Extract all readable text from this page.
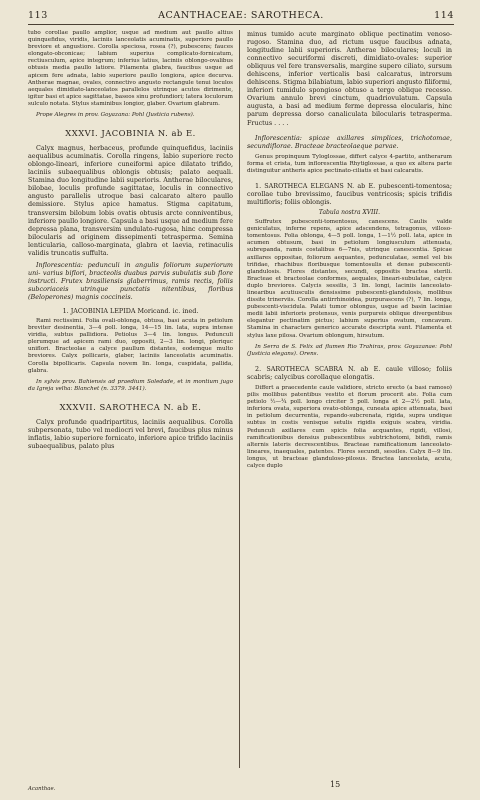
113	ACANTHACEAE: SAROTHECA.	114

tubo corollae paullo amplior, usque ad medium aut paullo altius quinquefidus, viridis, laciniis lanceolatis acuminatis, superiore paullo breviore et angustiore. Corolla speciosa, rosea (?), pubescens; fauces elongato-obconicae; labium superius complicato-fornicatum, rectiusculum, apice integrum; inferius latius, laciniis oblongo-ovalibus obtusis media paullo latiore. Filamenta glabra, faucibus usque ad apicem fere adnata, labio superiore paullo longiora, apice decurva. Antherae magnae, ovales, connectivo angusto rectangule tenui loculos aequales dimidiato-lanceolatos parallelos utrinque acutos dirimente, igitur basi et apice sagittatae, baseos sinu profundiori; latera loculorum sulculo notata. Stylus staminibus longior, glaber. Ovarium glabrum.

Prope Alegres in prov. Goyazana: Pohl (Justicia rubens).

XXXVI. JACOBINIA N. ab E.

Calyx magnus, herbaceus, profunde quinquefidus, laciniis aequalibus acuminatis. Corolla ringens, labio superiore recto oblongo-lineari, inferiore cuneiformi apice dilatato trifido, laciniis subaequalibus oblongis obtusis; palato aequali. Stamina duo longitudine labii superioris. Antherae biloculares, bilobae, loculis profunde sagittatae, loculis in connectivo angusto parallelis utroque basi calcarato altero paullo demissiore. Stylus apice hamatus. Stigma capitatum, transversim bilobum lobis ovatis obtusis arcte conniventibus, inferiore paullo longiore. Capsula a basi usque ad medium fere depressa plana, transversim undulato-rugosa, hinc compressa bilocularis ad originem dissepimenti tetrasperma. Semina lenticularia, calloso-marginata, glabra et laevia, retinaculis validis truncatis suffulta.

Inflorescentia: pedunculi in angulis foliorum superiorum uni- varius biflori, bracteolis duabus parvis subulatis sub flore instructi. Frutex brasiliensis glaberrimus, ramis rectis, foliis subcoriaceis utrinque punctatis nitentibus, floribus (Beloperones) magnis coccineis.

1. JACOBINIA LEPIDA Moricand. ic. ined.

Rami rectissimi. Folia ovali-oblonga, obtusa, basi acuta in petiolum breviter desinentia, 3—4 poll. longa, 14—15 lin. lata, supra intense viridia, subtus pallidiora. Petiolus 3—4 lin. longus. Pedunculi plerumque ad apicem rami duo, oppositi, 2—3 lin. longi, pleriquc uniflori. Bracteolae a calyce paullum distantes, eodemque multo breviores. Calyx pollicaris, glaber, laciniis lanceolatis acuminatis. Corolla bipollicaris. Capsula novem lin. longa, cuspidata, pallida, glabra.

In sylvis prov. Bahiensis ad praedium Soledade, et in montium jugo da Igreja velha: Blanchet (n. 3379. 3441).

XXXVII. SAROTHECA N. ab E.

Calyx profunde quadripartitus, laciniis aequalibus. Corolla subpersonata, tubo vel mediocri vel brevi, faucibus plus minus inflatis, labio superiore fornicato, inferiore apice trifido laciniis subaequalibus, palato plus

minus tumido acute marginato oblique pectinatim venoso-rugoso. Stamina duo, ad rictum usque faucibus adnata, longitudine labii superioris. Antherae biloculares; loculi in connectivo securiformi discreti, dimidiato-ovales: superior obliquus vel fere transversalis, margine supero ciliato, sursum dehiscens, inferior verticalis basi calcaratus, introrsum dehiscens. Stigma bilabiatum, labio superiori angusto filiformi, inferiori tumidulo spongioso obtuso a tergo oblique recesso. Ovarium annulo brevi cinctum, quadriovulatum. Capsula augusta, a basi ad medium ferme depressa elocularis, hinc parum depressa dorso canaliculata bilocularis tetrasperma. Fructus . . . .

Inflorescentia: spicae axillares simplices, trichotomae, secundiflorae. Bracteae bracteolaeque parvae.

Genus propinquum Tyloglossae, differt calyce 4-partito, antherarum forma et crista, tum inflorescentia Rhytiglossae, a quo ex altera parte distinguitur antheris apice pectinato-ciliatis et basi calcaratis.

1. SAROTHECA ELEGANS N. ab E. pubescenti-tomentosa; corollae tubo brevissimo, faucibus ventricosis; spicis trifidis multifloris; foliis oblongis.

Tabula nostra XVIII.

Suffrutex pubescenti-tomentosus, canescens. Caulis valde geniculatus, inferne repens, apice adscendens, tetragonus, villoso-tomentosus. Folia oblonga, 4—5 poll. longa, 1—1½ poll. lata, apice in acumen obtusum, basi in petiolum longiusculum attenuata, subrepanda, ramis costalibus 6—7nis, utrinque canescentia. Spicae axillares oppositae, foliorum aequantes, pedunculatae, semel vel bis trifidae, rhachibus floribusque tomentosulis et dense pubescenti-glandulosis. Flores distantes, secundi, oppositis bractea sterili. Bracteae et bracteolae conformes, aequales, lineari-subulatae, calyce duplo breviores. Calycis sessilis, 3 lin. longi, laciniis lanceolato-linearibus acutiusculis densissime pubescenti-glandulosis, mollibus dissite trinerviis. Corolla antirrhinoidea, purpurascens (?), 7 lin. longa, pubescenti-viscidula. Palati tumor oblongus, usque ad basin laciniae medii labii inferioris protensus, venis purpureis oblique divergentibus elegantur pectinatim pictus; labium superius ovatum, concavum. Stamina in characters generico accurate descripta sunt. Filamenta et stylus laxe pilosa. Ovarium oblongum, hirsutum.

In Serra de S. Felix ad flumen Rio Trahiras, prov. Goyazanae: Pohl (Justicia elegans). Orens.

2. SAROTHECA SCABRA N. ab E. caule villoso; foliis scabris; calycibus corollaque elongatis.

Differt a praecedente caule validiore, stricto erecto (a basi ramoso) pilis mollibus patentibus vestito et florum procerit ate. Folia cum petiolo ½—¾ poll. longo circiter 5 poll. longa et 2—2½ poll. lata, inferiora ovata, superiora ovato-oblonga, cuneata apice attenuata, basi in petiolum decurrentia, repando-subcrenata, rigida, supra undique subtus in costis venisque setulis rigidis exiguis scabra, viridia. Pedunculi axillares cum spicis folia acquantes, rigidi, villosi, ramificationibus densius pubescentibus subtrichotomi, bifidi, ramis alternis lateris decrescentibus. Bracteae ramificationum lanceolato-lineares, inaequales, patentes. Flores secundi, sessiles. Calyx 8—9 lin. longus, ut bracteae glanduloso-pilosus. Bractea lanceolata, acuta, calyce duplo

Acanthae.	15
